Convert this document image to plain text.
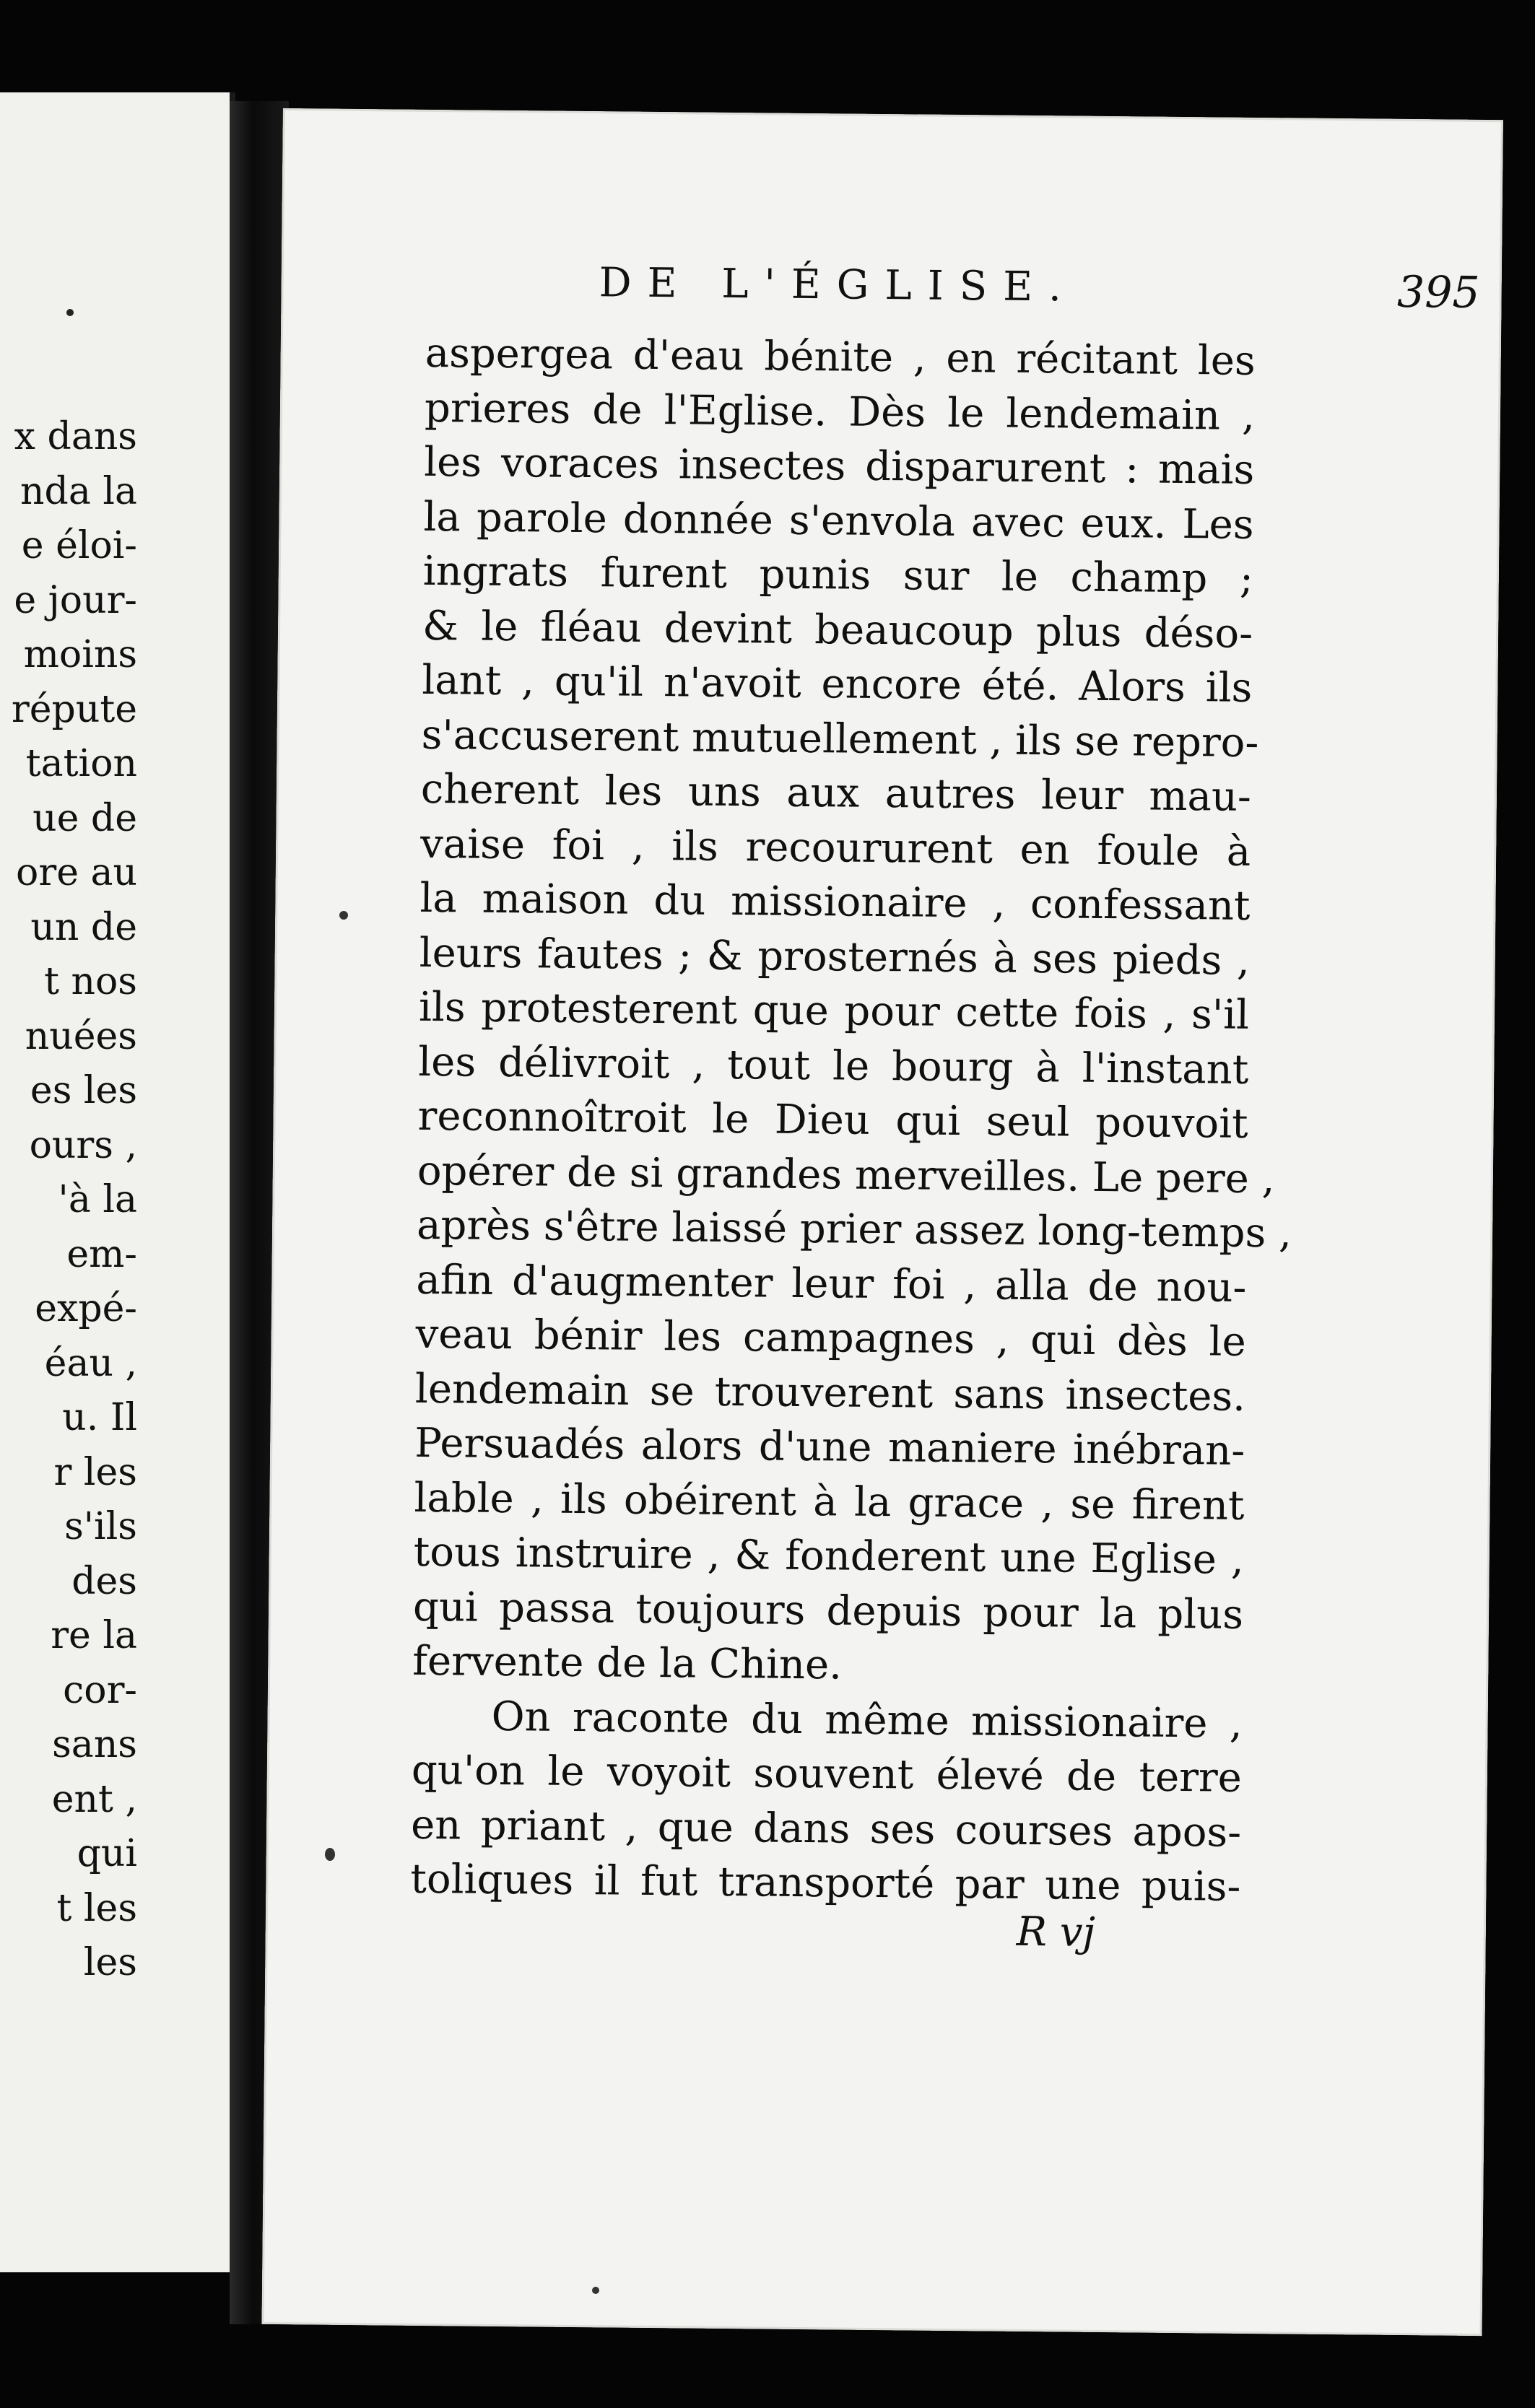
x dans
nda la
e éloi-
e jour-
moins
répute
tation
ue de
ore au
un de
t nos
nuées
es les
ours ,
'à la
em-
expé-
éau ,
u. Il
r les
s'ils
des
re la
cor-
sans
ent ,
qui
t les
les
DE L'ÉGLISE.	395
aspergea d'eau bénite , en récitant les
prieres de l'Eglise. Dès le lendemain ,
les voraces insectes disparurent : mais
la parole donnée s'envola avec eux. Les
ingrats furent punis sur le champ ;
& le fléau devint beaucoup plus déso-
lant , qu'il n'avoit encore été. Alors ils
s'accuserent mutuellement , ils se repro-
cherent les uns aux autres leur mau-
vaise foi , ils recoururent en foule à
la maison du missionaire , confessant
leurs fautes ; & prosternés à ses pieds ,
ils protesterent que pour cette fois , s'il
les délivroit , tout le bourg à l'instant
reconnoîtroit le Dieu qui seul pouvoit
opérer de si grandes merveilles. Le pere ,
après s'être laissé prier assez long-temps ,
afin d'augmenter leur foi , alla de nou-
veau bénir les campagnes , qui dès le
lendemain se trouverent sans insectes.
Persuadés alors d'une maniere inébran-
lable , ils obéirent à la grace , se firent
tous instruire , & fonderent une Eglise ,
qui passa toujours depuis pour la plus
fervente de la Chine.
On raconte du même missionaire ,
qu'on le voyoit souvent élevé de terre
en priant , que dans ses courses apos-
toliques il fut transporté par une puis-
R vj
